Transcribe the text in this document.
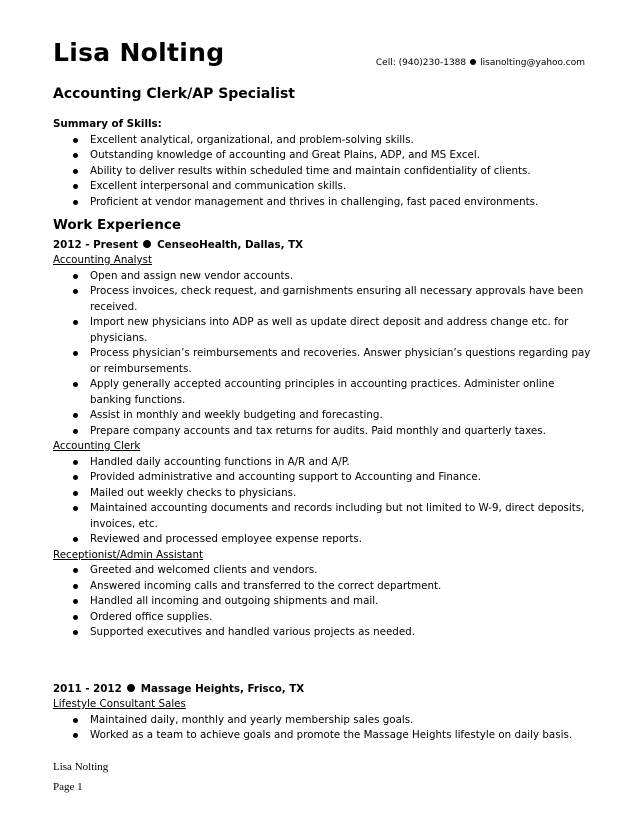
Lisa Nolting	Cell: (940)230-1388 lisanolting@yahoo.com
Accounting Clerk/AP Specialist
Summary of Skills:
Excellent analytical, organizational, and problem-solving skills.
Outstanding knowledge of accounting and Great Plains, ADP, and MS Excel.
Ability to deliver results within scheduled time and maintain confidentiality of clients.
Excellent interpersonal and communication skills.
Proficient at vendor management and thrives in challenging, fast paced environments.
Work Experience
2012 - Present CenseoHealth, Dallas, TX
Accounting Analyst
Open and assign new vendor accounts.
Process invoices, check request, and garnishments ensuring all necessary approvals have been received.
Import new physicians into ADP as well as update direct deposit and address change etc. for physicians.
Process physician’s reimbursements and recoveries. Answer physician’s questions regarding pay or reimbursements.
Apply generally accepted accounting principles in accounting practices. Administer online banking functions.
Assist in monthly and weekly budgeting and forecasting.
Prepare company accounts and tax returns for audits. Paid monthly and quarterly taxes.
Accounting Clerk
Handled daily accounting functions in A/R and A/P.
Provided administrative and accounting support to Accounting and Finance.
Mailed out weekly checks to physicians.
Maintained accounting documents and records including but not limited to W-9, direct deposits, invoices, etc.
Reviewed and processed employee expense reports.
Receptionist/Admin Assistant
Greeted and welcomed clients and vendors.
Answered incoming calls and transferred to the correct department.
Handled all incoming and outgoing shipments and mail.
Ordered office supplies.
Supported executives and handled various projects as needed.
2011 - 2012 Massage Heights, Frisco, TX
Lifestyle Consultant Sales
Maintained daily, monthly and yearly membership sales goals.
Worked as a team to achieve goals and promote the Massage Heights lifestyle on daily basis.
Lisa Nolting
Page 1
